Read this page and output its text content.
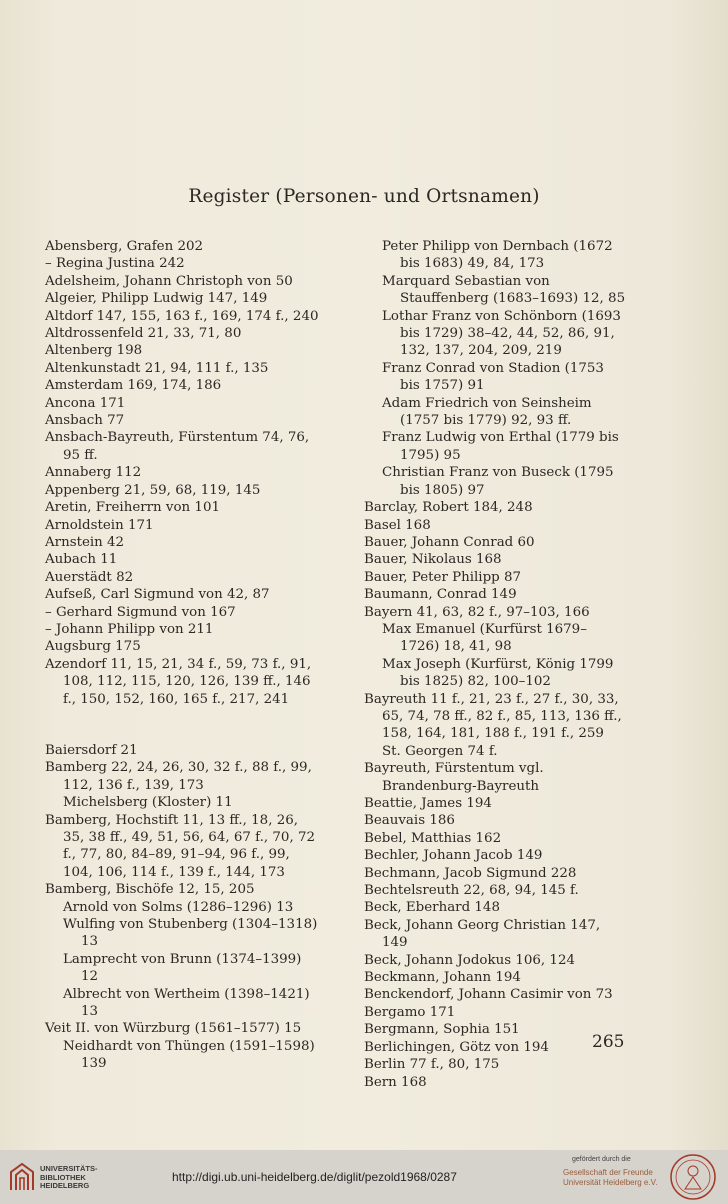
Register (Personen- und Ortsnamen)

Abensberg, Grafen 202

– Regina Justina 242

Adelsheim, Johann Christoph von 50

Algeier, Philipp Ludwig 147, 149

Altdorf 147, 155, 163 f., 169, 174 f., 240

Altdrossenfeld 21, 33, 71, 80

Altenberg 198

Altenkunstadt 21, 94, 111 f., 135

Amsterdam 169, 174, 186

Ancona 171

Ansbach 77

Ansbach-Bayreuth, Fürstentum 74, 76, 95 ff.

Annaberg 112

Appenberg 21, 59, 68, 119, 145

Aretin, Freiherrn von 101

Arnoldstein 171

Arnstein 42

Aubach 11

Auerstädt 82

Aufseß, Carl Sigmund von 42, 87

– Gerhard Sigmund von 167

– Johann Philipp von 211

Augsburg 175

Azendorf 11, 15, 21, 34 f., 59, 73 f., 91, 108, 112, 115, 120, 126, 139 ff., 146 f., 150, 152, 160, 165 f., 217, 241

Baiersdorf 21

Bamberg 22, 24, 26, 30, 32 f., 88 f., 99, 112, 136 f., 139, 173

Michelsberg (Kloster) 11

Bamberg, Hochstift 11, 13 ff., 18, 26, 35, 38 ff., 49, 51, 56, 64, 67 f., 70, 72 f., 77, 80, 84–89, 91–94, 96 f., 99, 104, 106, 114 f., 139 f., 144, 173

Bamberg, Bischöfe 12, 15, 205

Arnold von Solms (1286–1296) 13

Wulfing von Stubenberg (1304–1318) 13

Lamprecht von Brunn (1374–1399) 12

Albrecht von Wertheim (1398–1421) 13

Veit II. von Würzburg (1561–1577) 15

Neidhardt von Thüngen (1591–1598) 139

Peter Philipp von Dernbach (1672 bis 1683) 49, 84, 173

Marquard Sebastian von Stauffenberg (1683–1693) 12, 85

Lothar Franz von Schönborn (1693 bis 1729) 38–42, 44, 52, 86, 91, 132, 137, 204, 209, 219

Franz Conrad von Stadion (1753 bis 1757) 91

Adam Friedrich von Seinsheim (1757 bis 1779) 92, 93 ff.

Franz Ludwig von Erthal (1779 bis 1795) 95

Christian Franz von Buseck (1795 bis 1805) 97

Barclay, Robert 184, 248

Basel 168

Bauer, Johann Conrad 60

Bauer, Nikolaus 168

Bauer, Peter Philipp 87

Baumann, Conrad 149

Bayern 41, 63, 82 f., 97–103, 166

Max Emanuel (Kurfürst 1679–1726) 18, 41, 98

Max Joseph (Kurfürst, König 1799 bis 1825) 82, 100–102

Bayreuth 11 f., 21, 23 f., 27 f., 30, 33, 65, 74, 78 ff., 82 f., 85, 113, 136 ff., 158, 164, 181, 188 f., 191 f., 259

St. Georgen 74 f.

Bayreuth, Fürstentum vgl. Brandenburg-Bayreuth

Beattie, James 194

Beauvais 186

Bebel, Matthias 162

Bechler, Johann Jacob 149

Bechmann, Jacob Sigmund 228

Bechtelsreuth 22, 68, 94, 145 f.

Beck, Eberhard 148

Beck, Johann Georg Christian 147, 149

Beck, Johann Jodokus 106, 124

Beckmann, Johann 194

Benckendorf, Johann Casimir von 73

Bergamo 171

Bergmann, Sophia 151

Berlichingen, Götz von 194

Berlin 77 f., 80, 175

Bern 168

265
UNIVERSITÄTS-
BIBLIOTHEK
HEIDELBERG
http://digi.ub.uni-heidelberg.de/diglit/pezold1968/0287
gefördert durch die
Gesellschaft der Freunde
Universität Heidelberg e.V.
